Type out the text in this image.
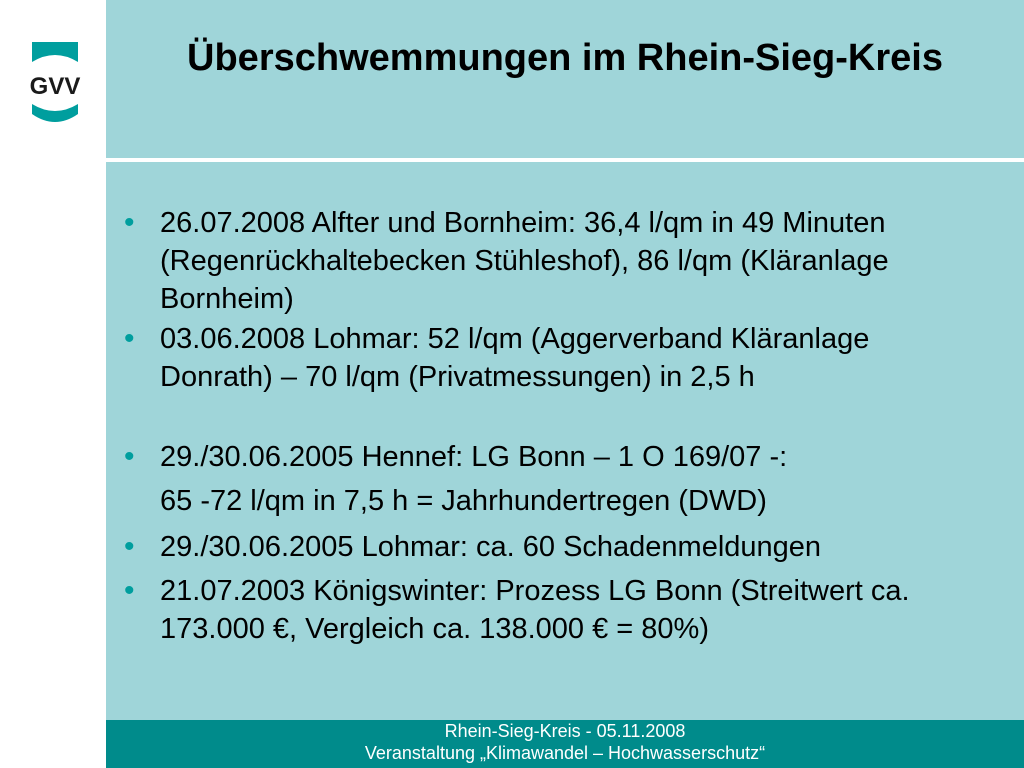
GVV
Überschwemmungen im Rhein-Sieg-Kreis
• 26.07.2008 Alfter und Bornheim: 36,4 l/qm in 49 Minuten (Regenrückhaltebecken Stühleshof), 86 l/qm (Kläranlage Bornheim)
• 03.06.2008 Lohmar: 52 l/qm (Aggerverband Kläranlage Donrath) – 70 l/qm (Privatmessungen) in 2,5 h
• 29./30.06.2005 Hennef: LG Bonn – 1 O 169/07 -:
65 -72 l/qm in 7,5 h = Jahrhundertregen (DWD)
• 29./30.06.2005 Lohmar: ca. 60 Schadenmeldungen
• 21.07.2003 Königswinter: Prozess LG Bonn (Streitwert ca. 173.000 €, Vergleich ca. 138.000 € = 80%)
Rhein-Sieg-Kreis - 05.11.2008
Veranstaltung „Klimawandel – Hochwasserschutz“
